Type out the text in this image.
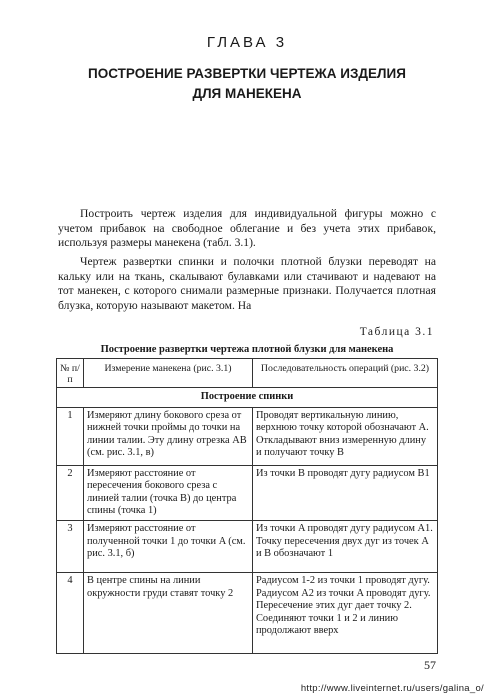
ГЛАВА 3
ПОСТРОЕНИЕ РАЗВЕРТКИ ЧЕРТЕЖА ИЗДЕЛИЯ
ДЛЯ МАНЕКЕНА

Построить чертеж изделия для индивидуальной фигуры можно с учетом прибавок на свободное облегание и без учета этих прибавок, используя размеры манекена (табл. 3.1).

Чертеж развертки спинки и полочки плотной блузки переводят на кальку или на ткань, скалывают булавками или стачивают и надевают на тот манекен, с которого снимали размерные признаки. Получается плотная блузка, которую называют макетом. На

Таблица 3.1
Построение развертки чертежа плотной блузки для манекена
№ п/п	Измерение манекена (рис. 3.1)	Последовательность операций (рис. 3.2)
Построение спинки		
1	Измеряют длину бокового среза от нижней точки проймы до точки на линии талии. Эту длину отрезка AB (см. рис. 3.1, в)	Проводят вертикальную линию, верхнюю точку которой обозначают A. Откладывают вниз измеренную длину и получают точку B
2	Измеряют расстояние от пересечения бокового среза с линией талии (точка B) до центра спины (точка 1)	Из точки B проводят дугу радиусом B1
3	Измеряют расстояние от полученной точки 1 до точки A (см. рис. 3.1, б)	Из точки A проводят дугу радиусом A1. Точку пересечения двух дуг из точек A и B обозначают 1
4	В центре спины на линии окружности груди ставят точку 2	Радиусом 1-2 из точки 1 проводят дугу. Радиусом A2 из точки A проводят дугу. Пересечение этих дуг дает точку 2. Соединяют точки 1 и 2 и линию продолжают вверх
57
http://www.liveinternet.ru/users/galina_o/
